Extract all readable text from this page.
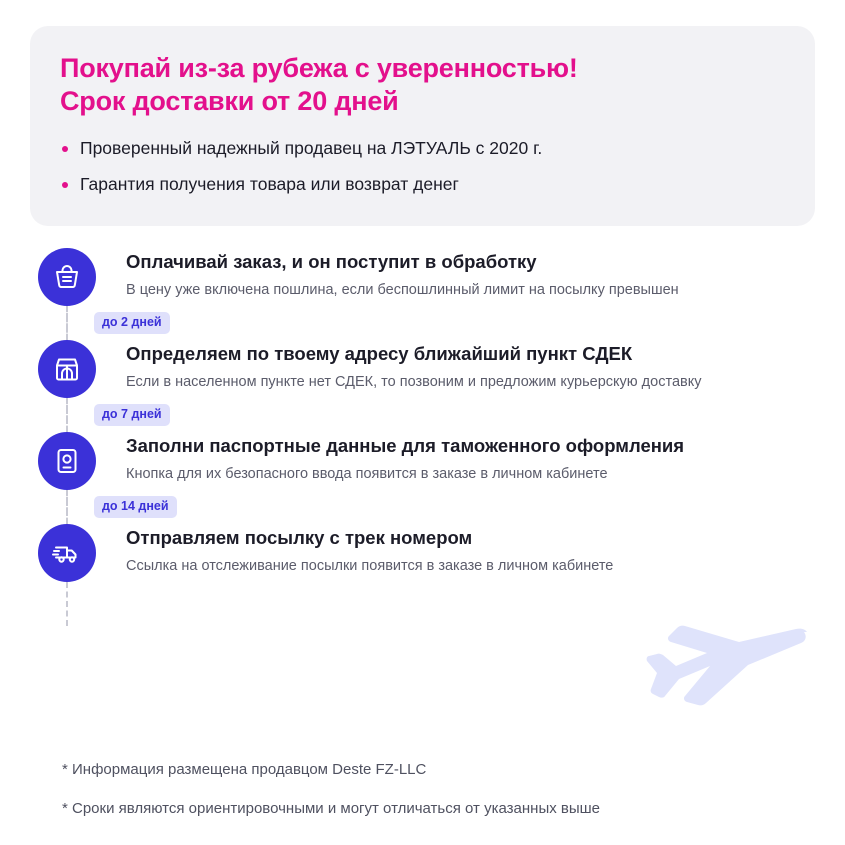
Покупай из-за рубежа с уверенностью!
Срок доставки от 20 дней
Проверенный надежный продавец на ЛЭТУАЛЬ с 2020 г.
Гарантия получения товара или возврат денег

Оплачивай заказ, и он поступит в обработку

В цену уже включена пошлина, если беспошлинный лимит на посылку превышен

до 2 дней

Определяем по твоему адресу ближайший пункт СДЕК

Если в населенном пункте нет СДЕК, то позвоним и предложим курьерскую доставку

до 7 дней

Заполни паспортные данные для таможенного оформления

Кнопка для их безопасного ввода появится в заказе в личном кабинете

до 14 дней

Отправляем посылку с трек номером

Ссылка на отслеживание посылки появится в заказе в личном кабинете

* Информация размещена продавцом Deste FZ-LLC
* Сроки являются ориентировочными и могут отличаться от указанных выше
